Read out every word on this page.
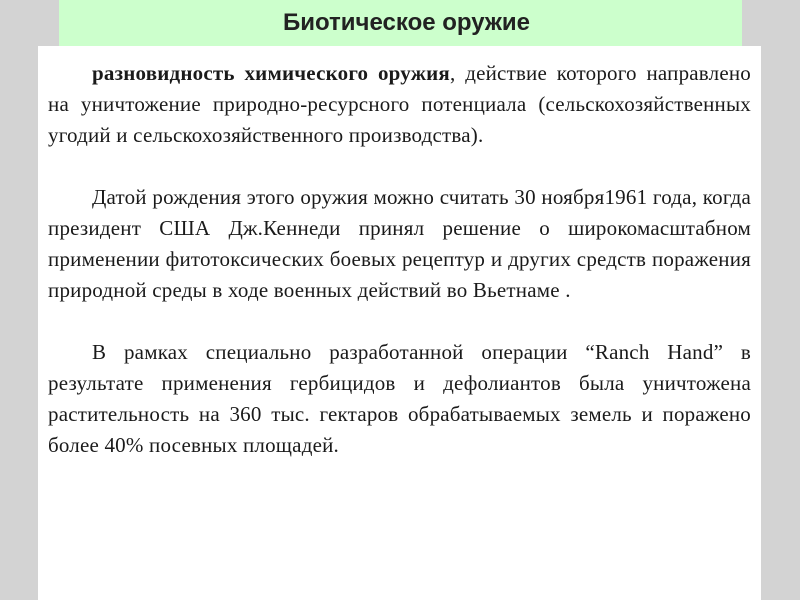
Биотическое оружие

разновидность химического оружия, действие которого направлено на уничтожение природно-ресурсного потенциала (сельскохозяйственных угодий и сельскохозяйственного производства).

Датой рождения этого оружия можно считать 30 ноября1961 года, когда президент США Дж.Кеннеди принял решение о широкомасштабном применении фитотоксических боевых рецептур и других средств поражения природной среды в ходе военных действий во Вьетнаме .

В рамках специально разработанной операции “Ranch Hand” в результате применения гербицидов и дефолиантов была уничтожена растительность на 360 тыс. гектаров обрабатываемых земель и поражено более 40% посевных площадей.
